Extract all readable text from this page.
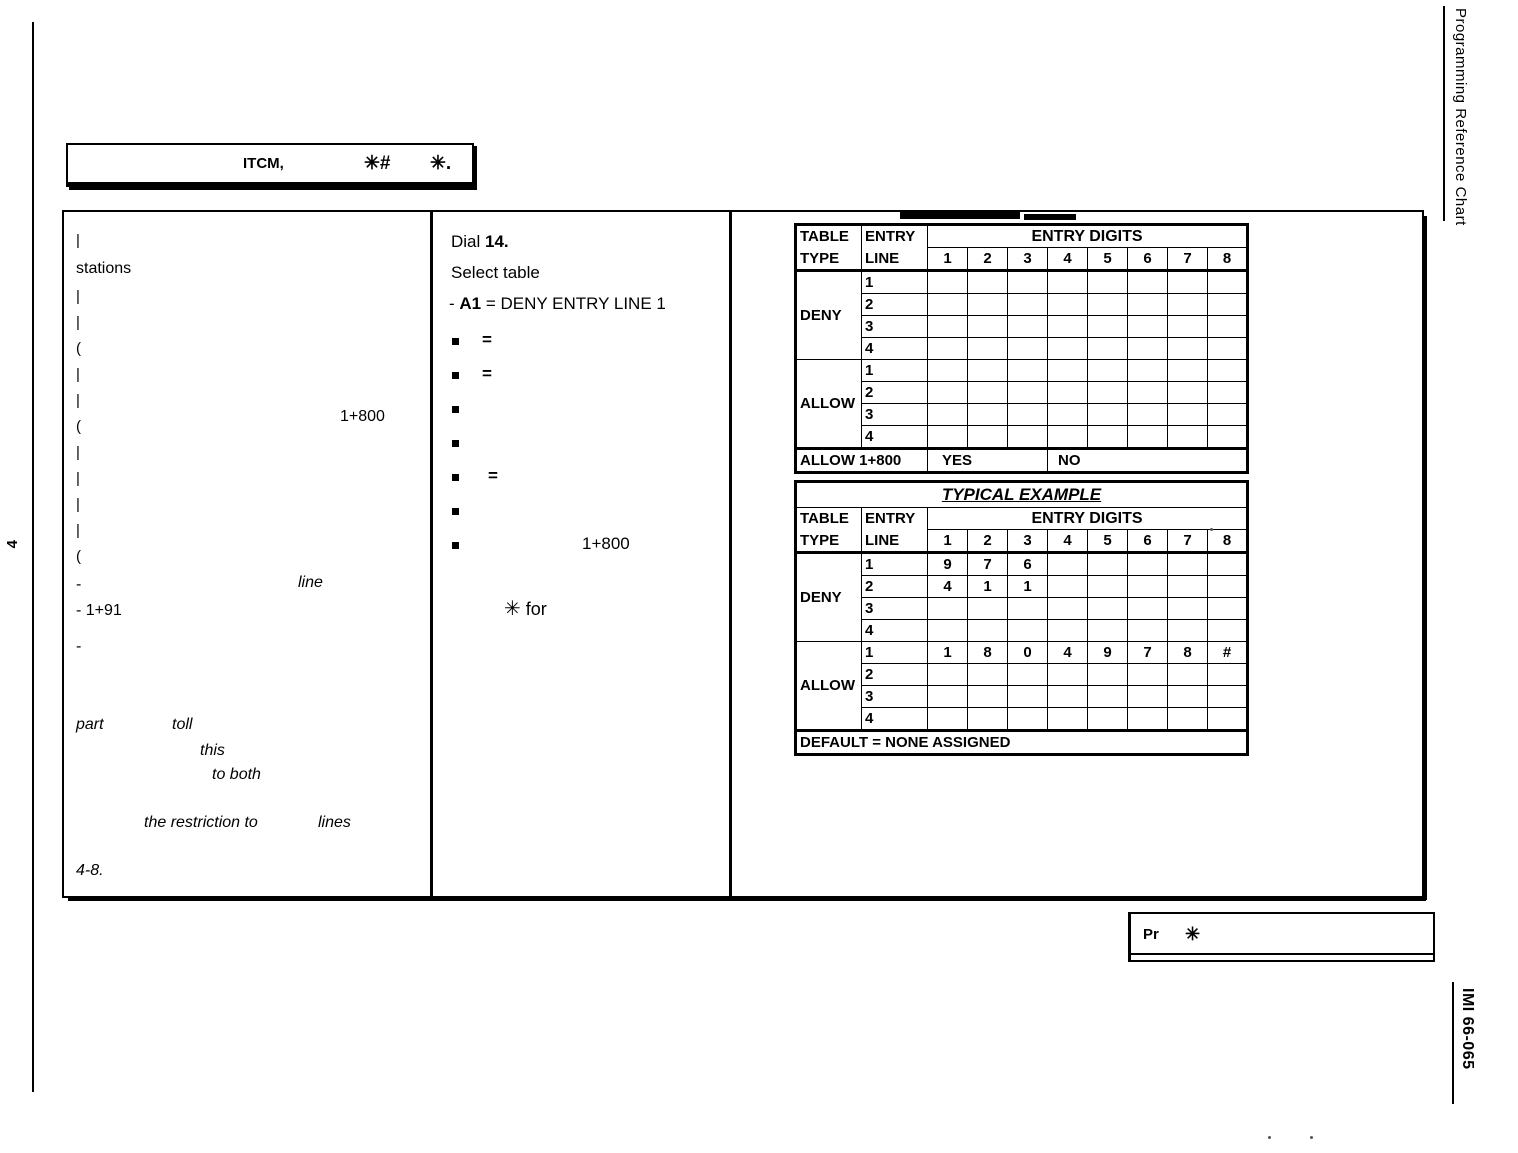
4
Programming Reference Chart
IMI 66-065
ITCM,	✳# ✳.
|
stations
|
|
(
|
|
(
|
|
|
|
(
1+800
-	line
- 1+91
-
part	toll
this
to both
the restriction to	lines
4-8.
Dial 14.
Select table
- A1 = DENY ENTRY LINE 1
✳ for
=
=
=
1+800
TABLE	ENTRY	ENTRY DIGITS							
TYPE	LINE	1	2	3	4	5	6	7	8
DENY	1								
	2								
	3								
	4								
ALLOW	1								
	2								
	3								
	4								
ALLOW 1+800		YES			NO				
TYPICAL EXAMPLE									
TABLE	ENTRY	ENTRY DIGITS							
TYPE	LINE	1	2	3	4	5	6	7	8
DENY	1	9	7	6					
	2	4	1	1					
	3								
	4								
ALLOW	1	1	8	0	4	9	7	8	#
	2								
	3								
	4								
DEFAULT = NONE ASSIGNED									
Pr ✳
